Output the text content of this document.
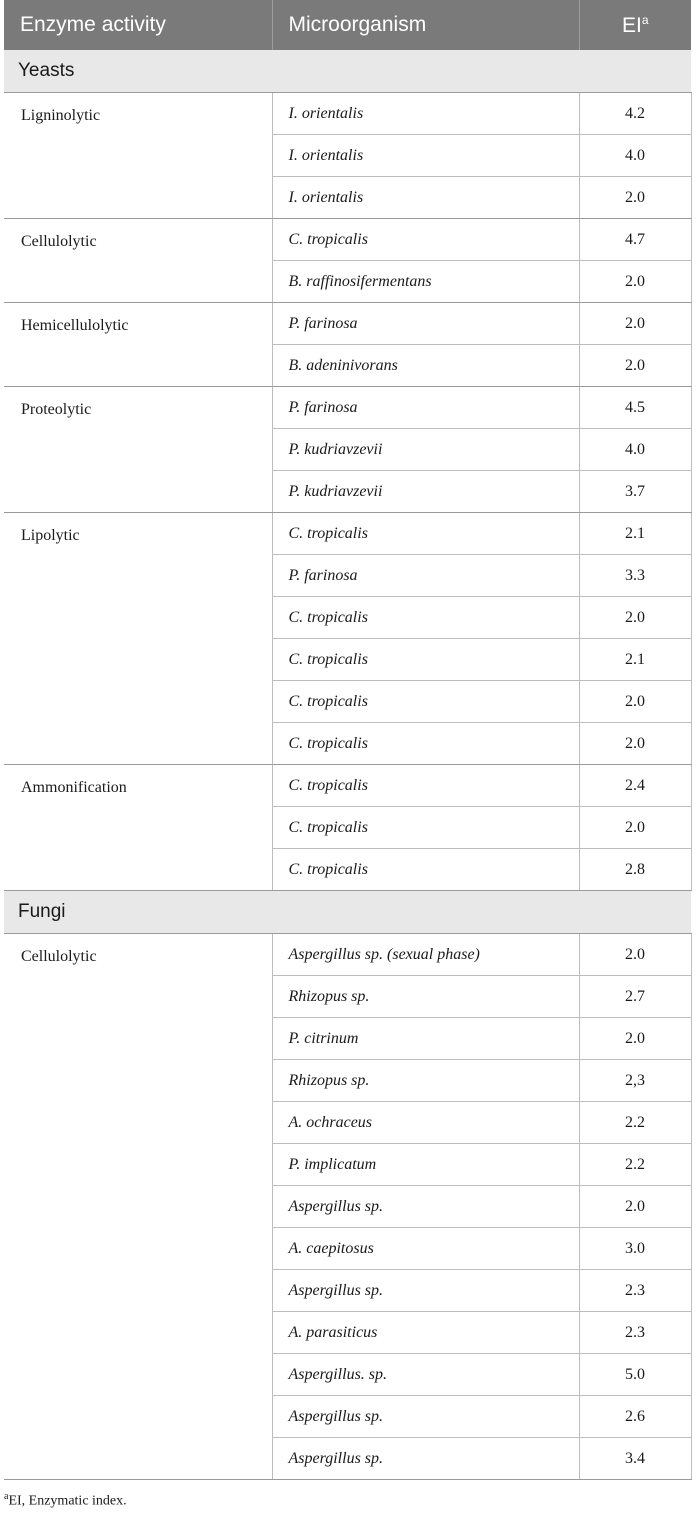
Enzyme activity	Microorganism	$EI^a$
Yeasts		
Ligninolytic	I. orientalis	4.2
	I. orientalis	4.0
	I. orientalis	2.0
Cellulolytic	C. tropicalis	4.7
	B. raffinosifermentans	2.0
Hemicellulolytic	P. farinosa	2.0
	B. adeninivorans	2.0
Proteolytic	P. farinosa	4.5
	P. kudriavzevii	4.0
	P. kudriavzevii	3.7
Lipolytic	C. tropicalis	2.1
	P. farinosa	3.3
	C. tropicalis	2.0
	C. tropicalis	2.1
	C. tropicalis	2.0
	C. tropicalis	2.0
Ammonification	C. tropicalis	2.4
	C. tropicalis	2.0
	C. tropicalis	2.8
Fungi		
Cellulolytic	Aspergillus sp. (sexual phase)	2.0
	Rhizopus sp.	2.7
	P. citrinum	2.0
	Rhizopus sp.	2,3
	A. ochraceus	2.2
	P. implicatum	2.2
	Aspergillus sp.	2.0
	A. caepitosus	3.0
	Aspergillus sp.	2.3
	A. parasiticus	2.3
	Aspergillus. sp.	5.0
	Aspergillus sp.	2.6
	Aspergillus sp.	3.4
$^a$EI, Enzymatic index.
